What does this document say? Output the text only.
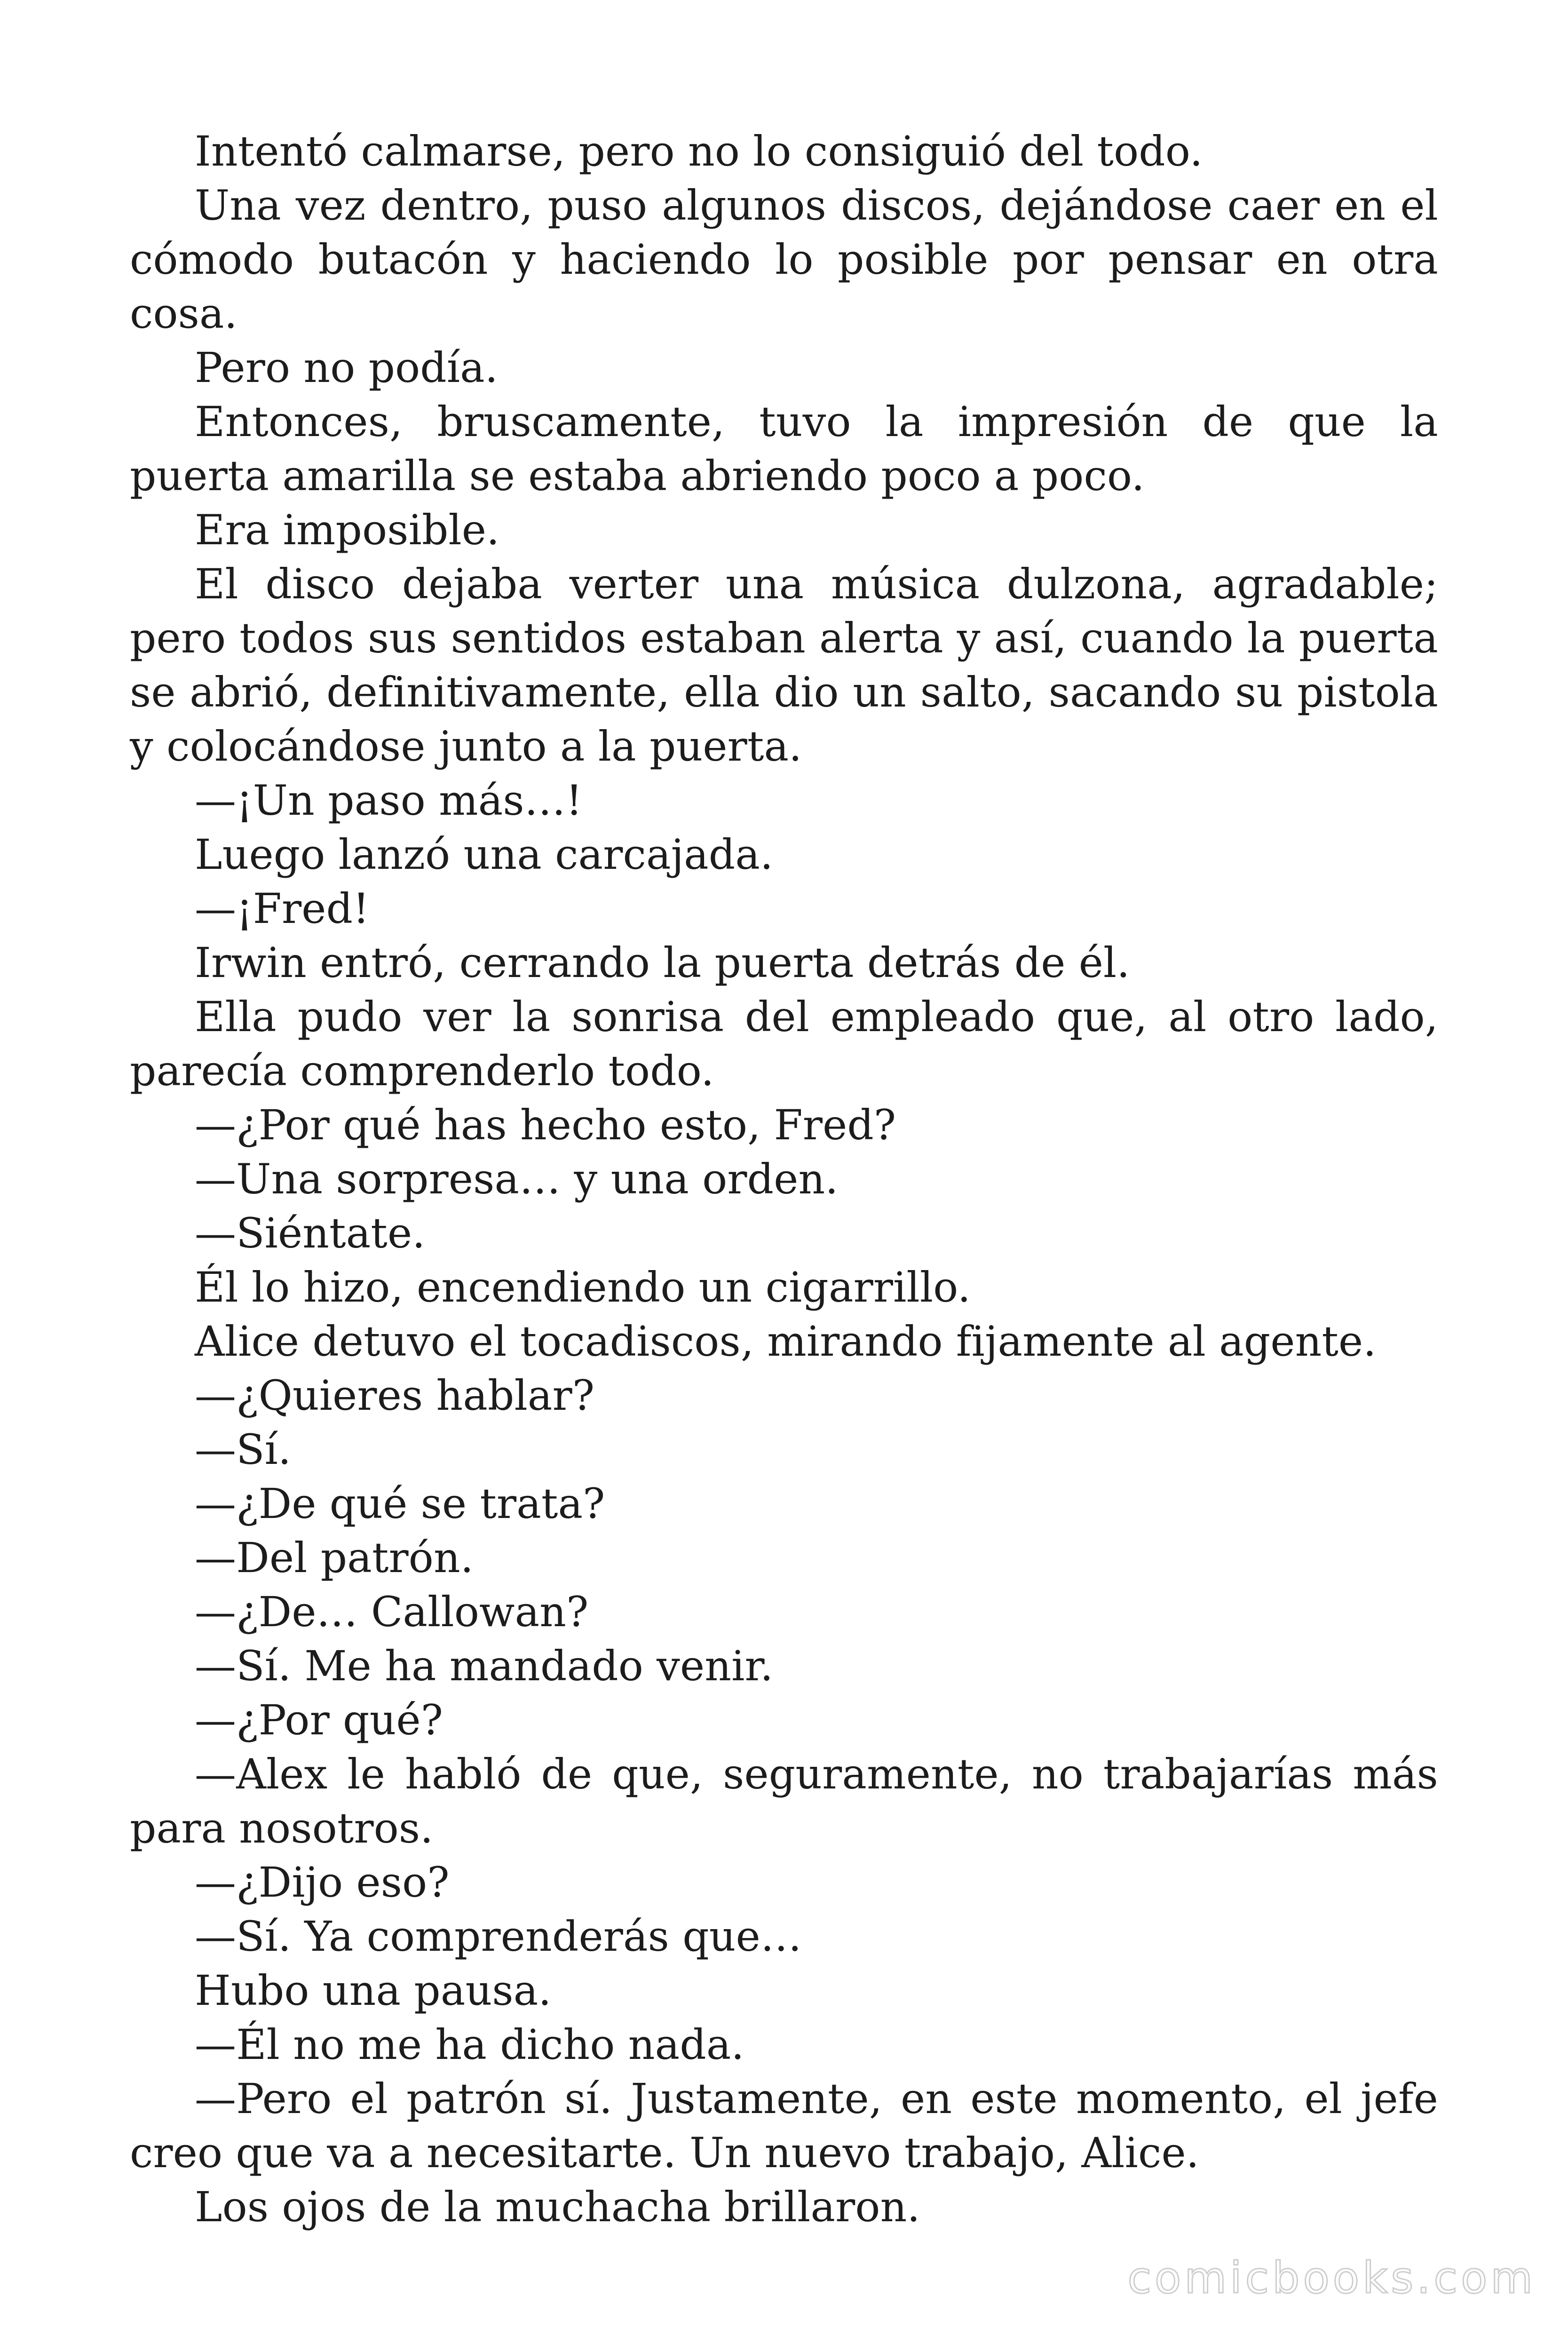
Intentó calmarse, pero no lo consiguió del todo.

Una vez dentro, puso algunos discos, dejándose caer en el cómodo butacón y haciendo lo posible por pensar en otra cosa.

Pero no podía.

Entonces, bruscamente, tuvo la impresión de que la puerta amarilla se estaba abriendo poco a poco.

Era imposible.

El disco dejaba verter una música dulzona, agradable; pero todos sus sentidos estaban alerta y así, cuando la puerta se abrió, definitivamente, ella dio un salto, sacando su pistola y colocándose junto a la puerta.

—¡Un paso más…!

Luego lanzó una carcajada.

—¡Fred!

Irwin entró, cerrando la puerta detrás de él.

Ella pudo ver la sonrisa del empleado que, al otro lado, parecía comprenderlo todo.

—¿Por qué has hecho esto, Fred?

—Una sorpresa… y una orden.

—Siéntate.

Él lo hizo, encendiendo un cigarrillo.

Alice detuvo el tocadiscos, mirando fijamente al agente.

—¿Quieres hablar?

—Sí.

—¿De qué se trata?

—Del patrón.

—¿De… Callowan?

—Sí. Me ha mandado venir.

—¿Por qué?

—Alex le habló de que, seguramente, no trabajarías más para nosotros.

—¿Dijo eso?

—Sí. Ya comprenderás que…

Hubo una pausa.

—Él no me ha dicho nada.

—Pero el patrón sí. Justamente, en este momento, el jefe creo que va a necesitarte. Un nuevo trabajo, Alice.

Los ojos de la muchacha brillaron.

comicbooks.com
